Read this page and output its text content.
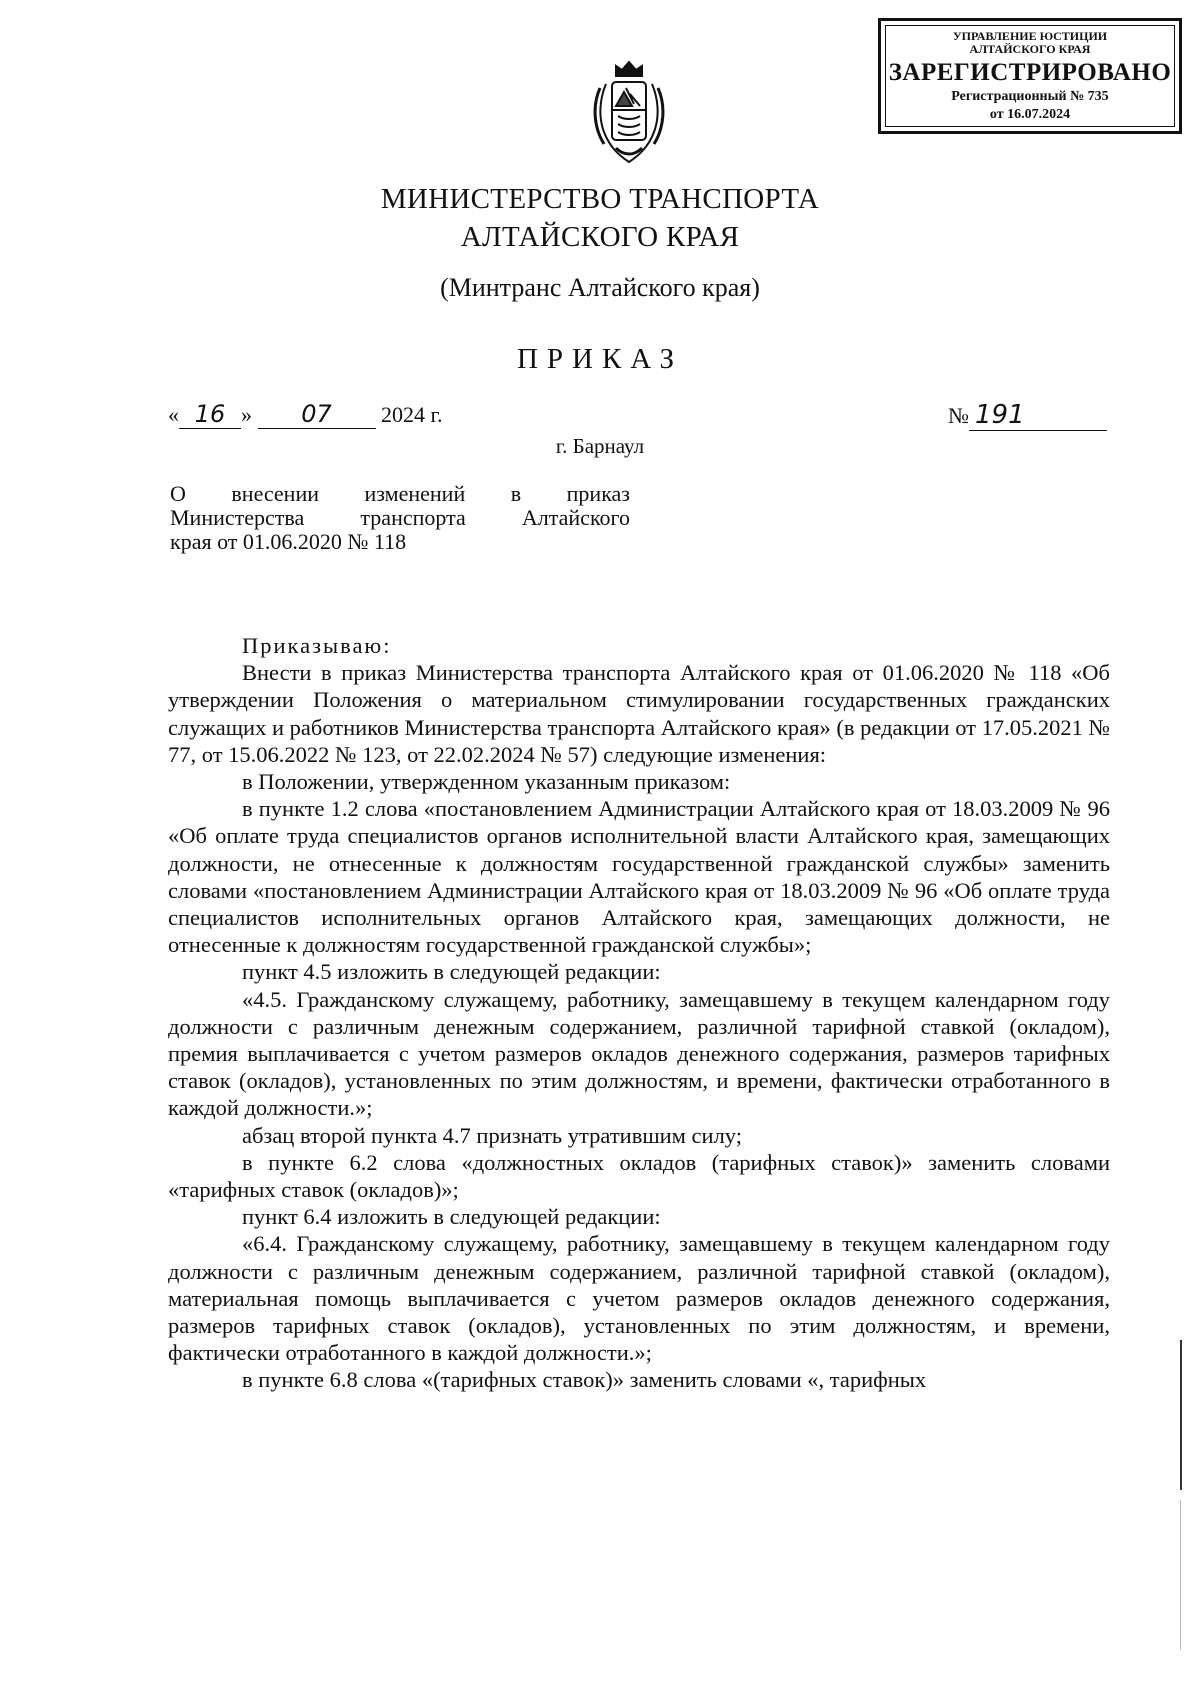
УПРАВЛЕНИЕ ЮСТИЦИИ
АЛТАЙСКОГО КРАЯ
ЗАРЕГИСТРИРОВАНО
Регистрационный № 735
от 16.07.2024
МИНИСТЕРСТВО ТРАНСПОРТА
АЛТАЙСКОГО КРАЯ
(Минтранс Алтайского края)
ПРИКАЗ
« 16 » 07 2024 г.	№ 191
г. Барнаул
О внесении изменений в приказ
Министерства транспорта Алтайского
края от 01.06.2020 № 118

Приказываю:

Внести в приказ Министерства транспорта Алтайского края от 01.06.2020 № 118 «Об утверждении Положения о материальном стимулировании государственных гражданских служащих и работников Министерства транспорта Алтайского края» (в редакции от 17.05.2021 № 77, от 15.06.2022 № 123, от 22.02.2024 № 57) следующие изменения:

в Положении, утвержденном указанным приказом:

в пункте 1.2 слова «постановлением Администрации Алтайского края от 18.03.2009 № 96 «Об оплате труда специалистов органов исполнительной власти Алтайского края, замещающих должности, не отнесенные к должностям государственной гражданской службы» заменить словами «постановлением Администрации Алтайского края от 18.03.2009 № 96 «Об оплате труда специалистов исполнительных органов Алтайского края, замещающих должности, не отнесенные к должностям государственной гражданской службы»;

пункт 4.5 изложить в следующей редакции:

«4.5. Гражданскому служащему, работнику, замещавшему в текущем календарном году должности с различным денежным содержанием, различной тарифной ставкой (окладом), премия выплачивается с учетом размеров окладов денежного содержания, размеров тарифных ставок (окладов), установленных по этим должностям, и времени, фактически отработанного в каждой должности.»;

абзац второй пункта 4.7 признать утратившим силу;

в пункте 6.2 слова «должностных окладов (тарифных ставок)» заменить словами «тарифных ставок (окладов)»;

пункт 6.4 изложить в следующей редакции:

«6.4. Гражданскому служащему, работнику, замещавшему в текущем календарном году должности с различным денежным содержанием, различной тарифной ставкой (окладом), материальная помощь выплачивается с учетом размеров окладов денежного содержания, размеров тарифных ставок (окладов), установленных по этим должностям, и времени, фактически отработанного в каждой должности.»;

в пункте 6.8 слова «(тарифных ставок)» заменить словами «, тарифных
